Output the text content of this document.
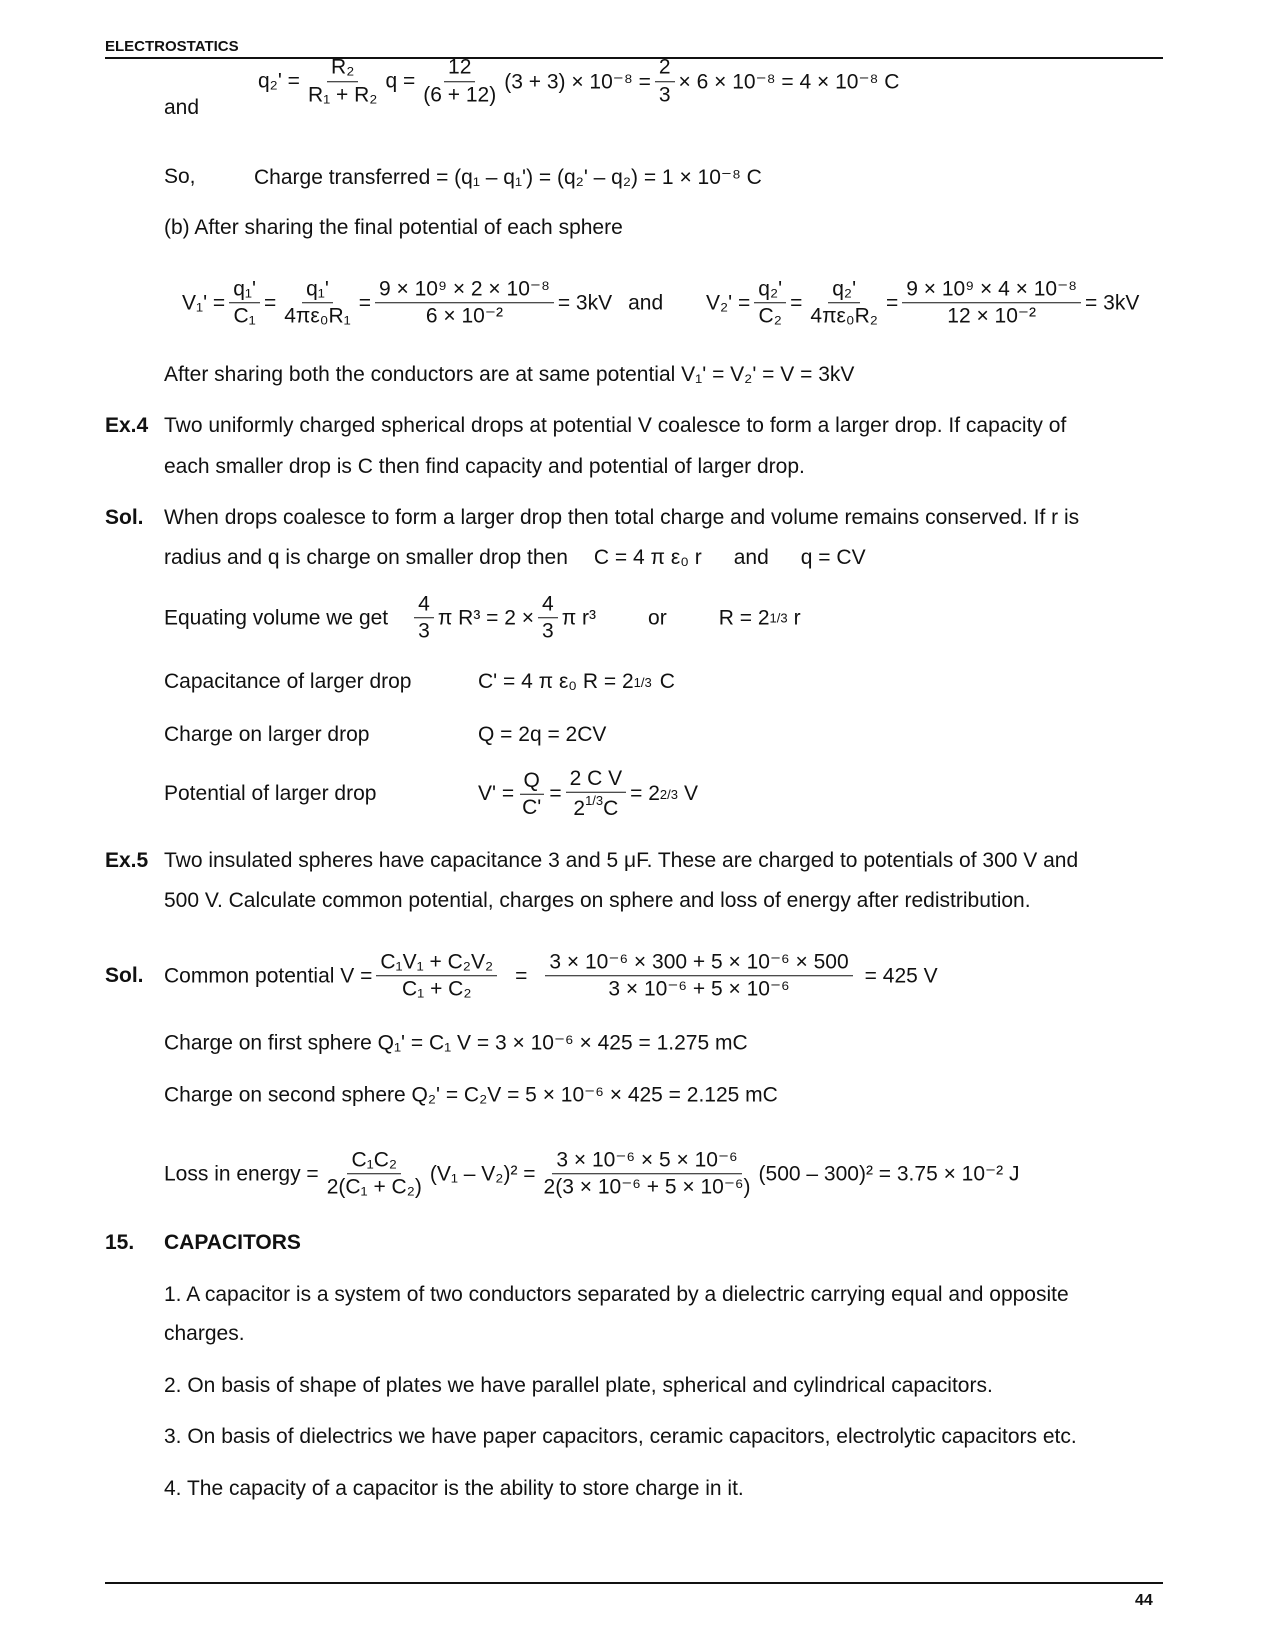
ELECTROSTATICS
and
$q_2' = \frac{\text{R₂}}{\text{R₁ + R₂}}$ $q = \frac{12}{(6 + 12)} (3 + 3) \times 10^{-8} = \frac{2}{3} \times 6 \times 10^{-8} = 4 \times 10^{-8}$ C
So,	Charge transferred = (q₁ – q₁') = (q₂' – q₂) = 1 × 10⁻⁸ C
(b) After sharing the final potential of each sphere
$V_1' = \frac{\text{q₁'}}{\text{C₁}} = \frac{\text{q₁'}}{\text{4πε₀R₁}} = \frac{\text{9 × 10⁹ × 2 × 10⁻⁸}}{\text{6 × 10⁻²}} = 3kV$ and $V_2' = \frac{\text{q₂'}}{\text{C₂}} = \frac{\text{q₂'}}{\text{4πε₀R₂}} = \frac{\text{9 × 10⁹ × 4 × 10⁻⁸}}{\text{12 × 10⁻²}} = 3kV$
After sharing both the conductors are at same potential V₁' = V₂' = V = 3kV
Ex.4 Two uniformly charged spherical drops at potential V coalesce to form a larger drop. If capacity of
each smaller drop is C then find capacity and potential of larger drop.
Sol. When drops coalesce to form a larger drop then total charge and volume remains conserved. If r is
radius and q is charge on smaller drop then C = 4 π ε₀ r and q = CV
Equating volume we get
4
3
π $R^3 = 2 \times \frac{4}{3}$ π r³ or R = 2 1/3 r
Capacitance of larger drop	C' = 4 π ε₀ R = 2 1/3 C
Charge on larger drop	Q = 2q = 2CV
Potential of larger drop	$V' = \frac{Q}{C'} = \frac{\text{2 C V}}{2^{1/3}C} = 2$ 2/3 V
Ex.5 Two insulated spheres have capacitance 3 and 5 μF. These are charged to potentials of 300 V and
500 V. Calculate common potential, charges on sphere and loss of energy after redistribution.
Sol. Common potential $V = \frac{\text{C₁V₁ + C₂V₂}}{\text{C₁ + C₂}} = \frac{\text{3 × 10⁻⁶ × 300 + 5 × 10⁻⁶ × 500}}{\text{3 × 10⁻⁶ + 5 × 10⁻⁶}} = 425$ V
Charge on first sphere Q₁' = C₁ V = 3 × 10⁻⁶ × 425 = 1.275 mC
Charge on second sphere Q₂' = C₂V = 5 × 10⁻⁶ × 425 = 2.125 mC
Loss in energy = $\frac{\text{C₁C₂}}{\text{2(C₁ + C₂)}} (V_1 - V_2)^2 = \frac{\text{3 × 10⁻⁶ × 5 × 10⁻⁶}}{\text{2(3 × 10⁻⁶ + 5 × 10⁻⁶)}} (500 - 300)^2 = 3.75 \times 10^{-2}$ J
15. CAPACITORS
1. A capacitor is a system of two conductors separated by a dielectric carrying equal and opposite
charges.
2. On basis of shape of plates we have parallel plate, spherical and cylindrical capacitors.
3. On basis of dielectrics we have paper capacitors, ceramic capacitors, electrolytic capacitors etc.
4. The capacity of a capacitor is the ability to store charge in it.
44
